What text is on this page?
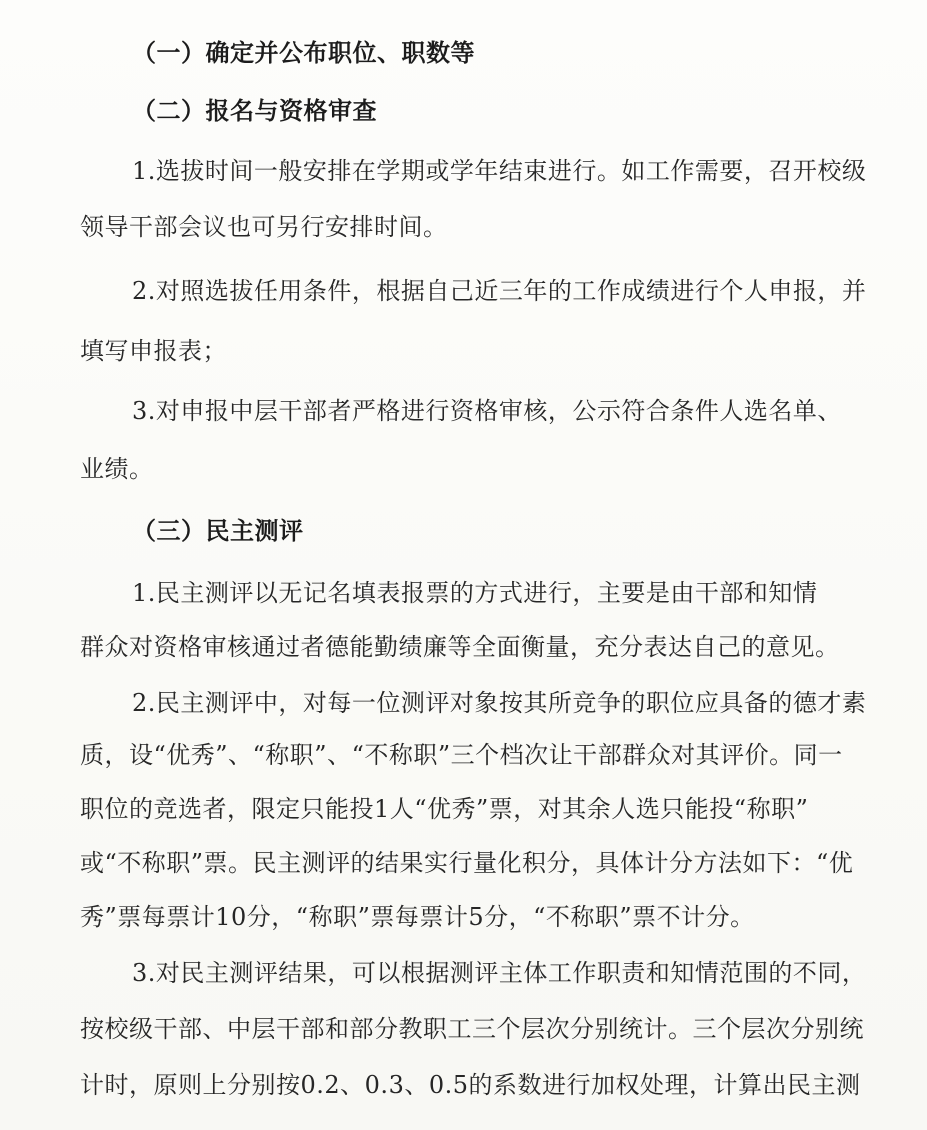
（一）确定并公布职位、职数等
（二）报名与资格审查
1.选拔时间一般安排在学期或学年结束进行。如工作需要，召开校级
领导干部会议也可另行安排时间。
2.对照选拔任用条件，根据自己近三年的工作成绩进行个人申报，并
填写申报表；
3.对申报中层干部者严格进行资格审核，公示符合条件人选名单、
业绩。
（三）民主测评
1.民主测评以无记名填表报票的方式进行，主要是由干部和知情
群众对资格审核通过者德能勤绩廉等全面衡量，充分表达自己的意见。
2.民主测评中，对每一位测评对象按其所竞争的职位应具备的德才素
质，设“优秀”、“称职”、“不称职”三个档次让干部群众对其评价。同一
职位的竞选者，限定只能投1人“优秀”票，对其余人选只能投“称职”
或“不称职”票。民主测评的结果实行量化积分，具体计分方法如下：“优
秀”票每票计10分，“称职”票每票计5分，“不称职”票不计分。
3.对民主测评结果，可以根据测评主体工作职责和知情范围的不同，
按校级干部、中层干部和部分教职工三个层次分别统计。三个层次分别统
计时，原则上分别按0.2、0.3、0.5的系数进行加权处理，计算出民主测
